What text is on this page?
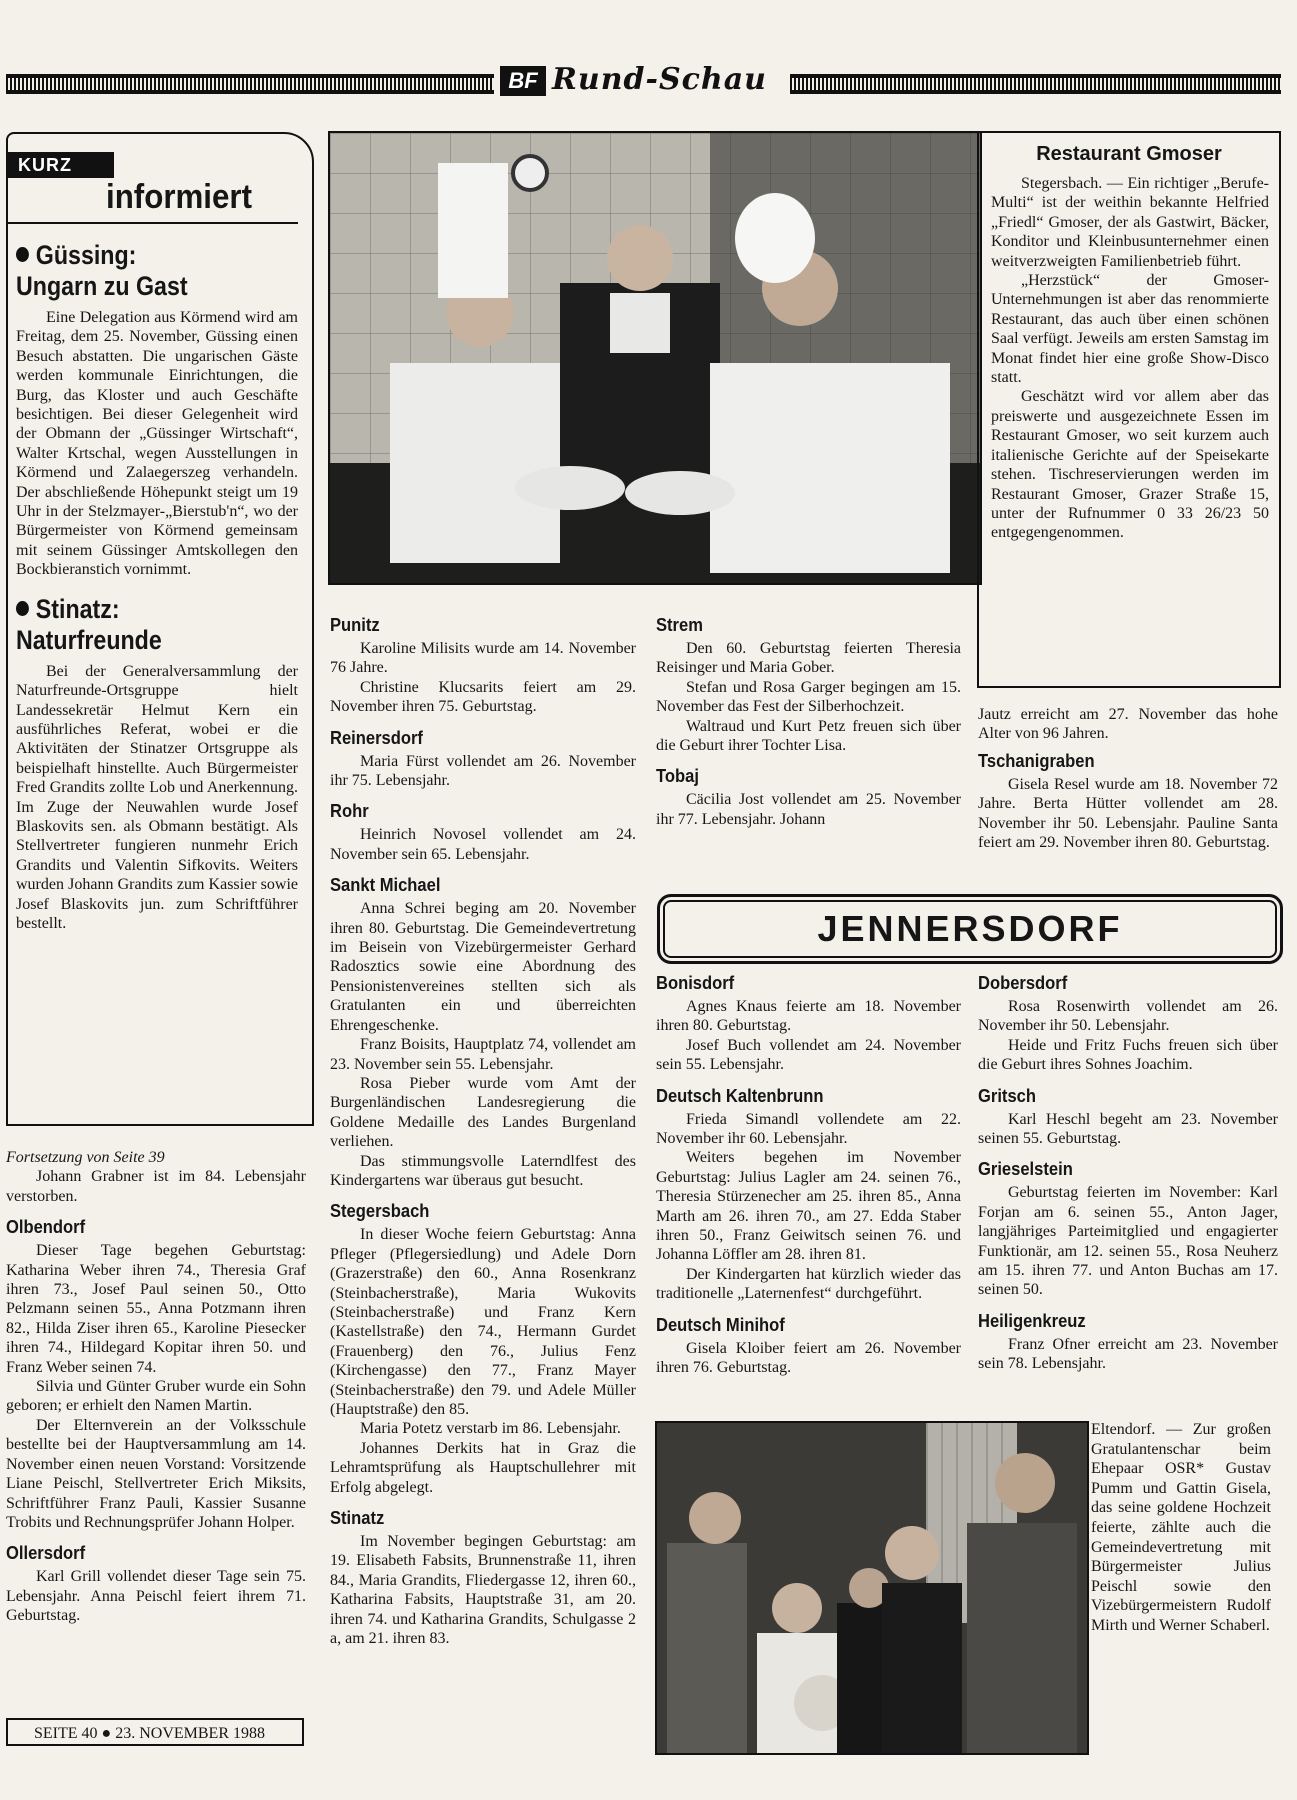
BF Rund-Schau
KURZ
informiert
Güssing:
Ungarn zu Gast

Eine Delegation aus Körmend wird am Freitag, dem 25. November, Güssing einen Besuch abstatten. Die ungarischen Gäste werden kommunale Einrichtungen, die Burg, das Kloster und auch Geschäfte besichtigen. Bei dieser Gelegenheit wird der Obmann der „Güssinger Wirtschaft“, Walter Krtschal, wegen Ausstellungen in Körmend und Zalaegerszeg verhandeln. Der abschließende Höhepunkt steigt um 19 Uhr in der Stelzmayer-„Bierstub'n“, wo der Bürgermeister von Körmend gemeinsam mit seinem Güssinger Amtskollegen den Bockbieranstich vornimmt.

Stinatz:
Naturfreunde

Bei der Generalversammlung der Naturfreunde-Ortsgruppe hielt Landessekretär Helmut Kern ein ausführliches Referat, wobei er die Aktivitäten der Stinatzer Ortsgruppe als beispielhaft hinstellte. Auch Bürgermeister Fred Grandits zollte Lob und Anerkennung. Im Zuge der Neuwahlen wurde Josef Blaskovits sen. als Obmann bestätigt. Als Stellvertreter fungieren nunmehr Erich Grandits und Valentin Sifkovits. Weiters wurden Johann Grandits zum Kassier sowie Josef Blaskovits jun. zum Schriftführer bestellt.

Fortsetzung von Seite 39

Johann Grabner ist im 84. Lebensjahr verstorben.

Olbendorf

Dieser Tage begehen Geburtstag: Katharina Weber ihren 74., Theresia Graf ihren 73., Josef Paul seinen 50., Otto Pelzmann seinen 55., Anna Potzmann ihren 82., Hilda Ziser ihren 65., Karoline Piesecker ihren 74., Hildegard Kopitar ihren 50. und Franz Weber seinen 74.

Silvia und Günter Gruber wurde ein Sohn geboren; er erhielt den Namen Martin.

Der Elternverein an der Volksschule bestellte bei der Hauptversammlung am 14. November einen neuen Vorstand: Vorsitzende Liane Peischl, Stellvertreter Erich Miksits, Schriftführer Franz Pauli, Kassier Susanne Trobits und Rechnungsprüfer Johann Holper.

Ollersdorf

Karl Grill vollendet dieser Tage sein 75. Lebensjahr. Anna Peischl feiert ihrem 71. Geburtstag.

SEITE 40 ● 23. NOVEMBER 1988
Punitz

Karoline Milisits wurde am 14. November 76 Jahre.

Christine Klucsarits feiert am 29. November ihren 75. Geburtstag.

Reinersdorf

Maria Fürst vollendet am 26. November ihr 75. Lebensjahr.

Rohr

Heinrich Novosel vollendet am 24. November sein 65. Lebensjahr.

Sankt Michael

Anna Schrei beging am 20. November ihren 80. Geburtstag. Die Gemeindevertretung im Beisein von Vizebürgermeister Gerhard Radosztics sowie eine Abordnung des Pensionistenvereines stellten sich als Gratulanten ein und überreichten Ehrengeschenke.

Franz Boisits, Hauptplatz 74, vollendet am 23. November sein 55. Lebensjahr.

Rosa Pieber wurde vom Amt der Burgenländischen Landesregierung die Goldene Medaille des Landes Burgenland verliehen.

Das stimmungsvolle Laterndlfest des Kindergartens war überaus gut besucht.

Stegersbach

In dieser Woche feiern Geburtstag: Anna Pfleger (Pflegersiedlung) und Adele Dorn (Grazerstraße) den 60., Anna Rosenkranz (Steinbacherstraße), Maria Wukovits (Steinbacherstraße) und Franz Kern (Kastellstraße) den 74., Hermann Gurdet (Frauenberg) den 76., Julius Fenz (Kirchengasse) den 77., Franz Mayer (Steinbacherstraße) den 79. und Adele Müller (Hauptstraße) den 85.

Maria Potetz verstarb im 86. Lebensjahr.

Johannes Derkits hat in Graz die Lehramtsprüfung als Hauptschullehrer mit Erfolg abgelegt.

Stinatz

Im November begingen Geburtstag: am 19. Elisabeth Fabsits, Brunnenstraße 11, ihren 84., Maria Grandits, Fliedergasse 12, ihren 60., Katharina Fabsits, Hauptstraße 31, am 20. ihren 74. und Katharina Grandits, Schulgasse 2 a, am 21. ihren 83.

Strem

Den 60. Geburtstag feierten Theresia Reisinger und Maria Gober.

Stefan und Rosa Garger begingen am 15. November das Fest der Silberhochzeit.

Waltraud und Kurt Petz freuen sich über die Geburt ihrer Tochter Lisa.

Tobaj

Cäcilia Jost vollendet am 25. November ihr 77. Lebensjahr. Johann

Restaurant Gmoser

Stegersbach. — Ein richtiger „Berufe-Multi“ ist der weithin bekannte Helfried „Friedl“ Gmoser, der als Gastwirt, Bäcker, Konditor und Kleinbusunternehmer einen weitverzweigten Familienbetrieb führt.

„Herzstück“ der Gmoser-Unternehmungen ist aber das renommierte Restaurant, das auch über einen schönen Saal verfügt. Jeweils am ersten Samstag im Monat findet hier eine große Show-Disco statt.

Geschätzt wird vor allem aber das preiswerte und ausgezeichnete Essen im Restaurant Gmoser, wo seit kurzem auch italienische Gerichte auf der Speisekarte stehen. Tischreservierungen werden im Restaurant Gmoser, Grazer Straße 15, unter der Rufnummer 0 33 26/23 50 entgegengenommen.

Jautz erreicht am 27. November das hohe Alter von 96 Jahren.

Tschanigraben

Gisela Resel wurde am 18. November 72 Jahre. Berta Hütter vollendet am 28. November ihr 50. Lebensjahr. Pauline Santa feiert am 29. November ihren 80. Geburtstag.

JENNERSDORF
Bonisdorf

Agnes Knaus feierte am 18. November ihren 80. Geburtstag.

Josef Buch vollendet am 24. November sein 55. Lebensjahr.

Deutsch Kaltenbrunn

Frieda Simandl vollendete am 22. November ihr 60. Lebensjahr.

Weiters begehen im November Geburtstag: Julius Lagler am 24. seinen 76., Theresia Stürzenecher am 25. ihren 85., Anna Marth am 26. ihren 70., am 27. Edda Staber ihren 50., Franz Geiwitsch seinen 76. und Johanna Löffler am 28. ihren 81.

Der Kindergarten hat kürzlich wieder das traditionelle „Laternenfest“ durchgeführt.

Deutsch Minihof

Gisela Kloiber feiert am 26. November ihren 76. Geburtstag.

Dobersdorf

Rosa Rosenwirth vollendet am 26. November ihr 50. Lebensjahr.

Heide und Fritz Fuchs freuen sich über die Geburt ihres Sohnes Joachim.

Gritsch

Karl Heschl begeht am 23. November seinen 55. Geburtstag.

Grieselstein

Geburtstag feierten im November: Karl Forjan am 6. seinen 55., Anton Jager, langjähriges Parteimitglied und engagierter Funktionär, am 12. seinen 55., Rosa Neuherz am 15. ihren 77. und Anton Buchas am 17. seinen 50.

Heiligenkreuz

Franz Ofner erreicht am 23. November sein 78. Lebensjahr.

Eltendorf. — Zur großen Gratulantenschar beim Ehepaar OSR* Gustav Pumm und Gattin Gisela, das seine goldene Hochzeit feierte, zählte auch die Gemeindevertretung mit Bürgermeister Julius Peischl sowie den Vizebürgermeistern Rudolf Mirth und Werner Schaberl.
